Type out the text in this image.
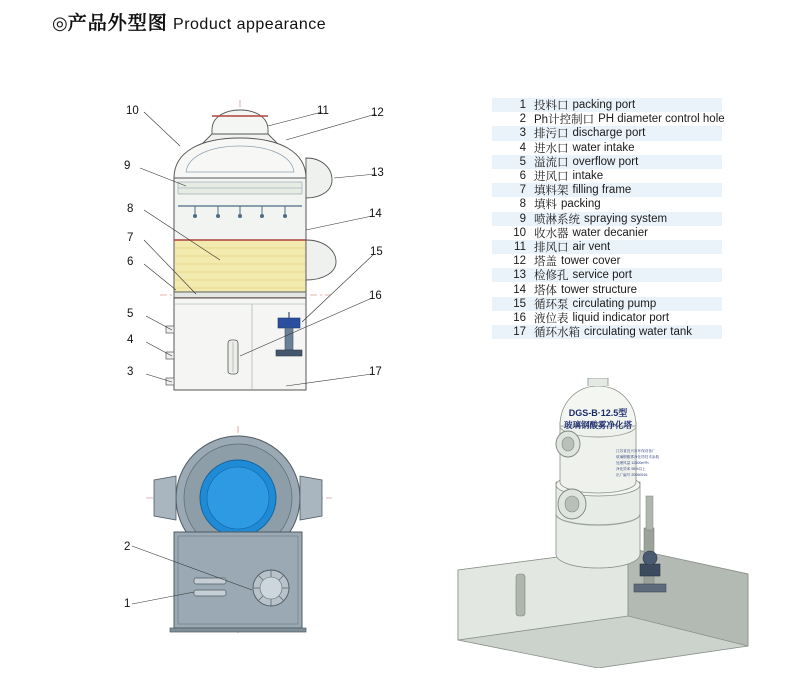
◎产品外型图 Product appearance
10	11	12
9
13
8	14
7
15
6
16
5
4
3	17
2
1
DGS-B·12.5型
玻璃钢酸雾净化塔
江苏省宜兴市环保设备厂
玻璃钢酸雾净化塔技术参数
处理风量 12500m³/h
净化效率 95%以上
出厂编号 20050916
1 投料口 packing port
2 Ph计控制口 PH diameter control hole
3 排污口 discharge port
4 进水口 water intake
5 溢流口 overflow port
6 进风口 intake
7 填料架 filling frame
8 填料 packing
9 喷淋系统 spraying system
10 收水器 water decanier
11 排风口 air vent
12 塔盖 tower cover
13 检修孔 service port
14 塔体 tower structure
15 循环泵 circulating pump
16 液位表 liquid indicator port
17 循环水箱 circulating water tank
